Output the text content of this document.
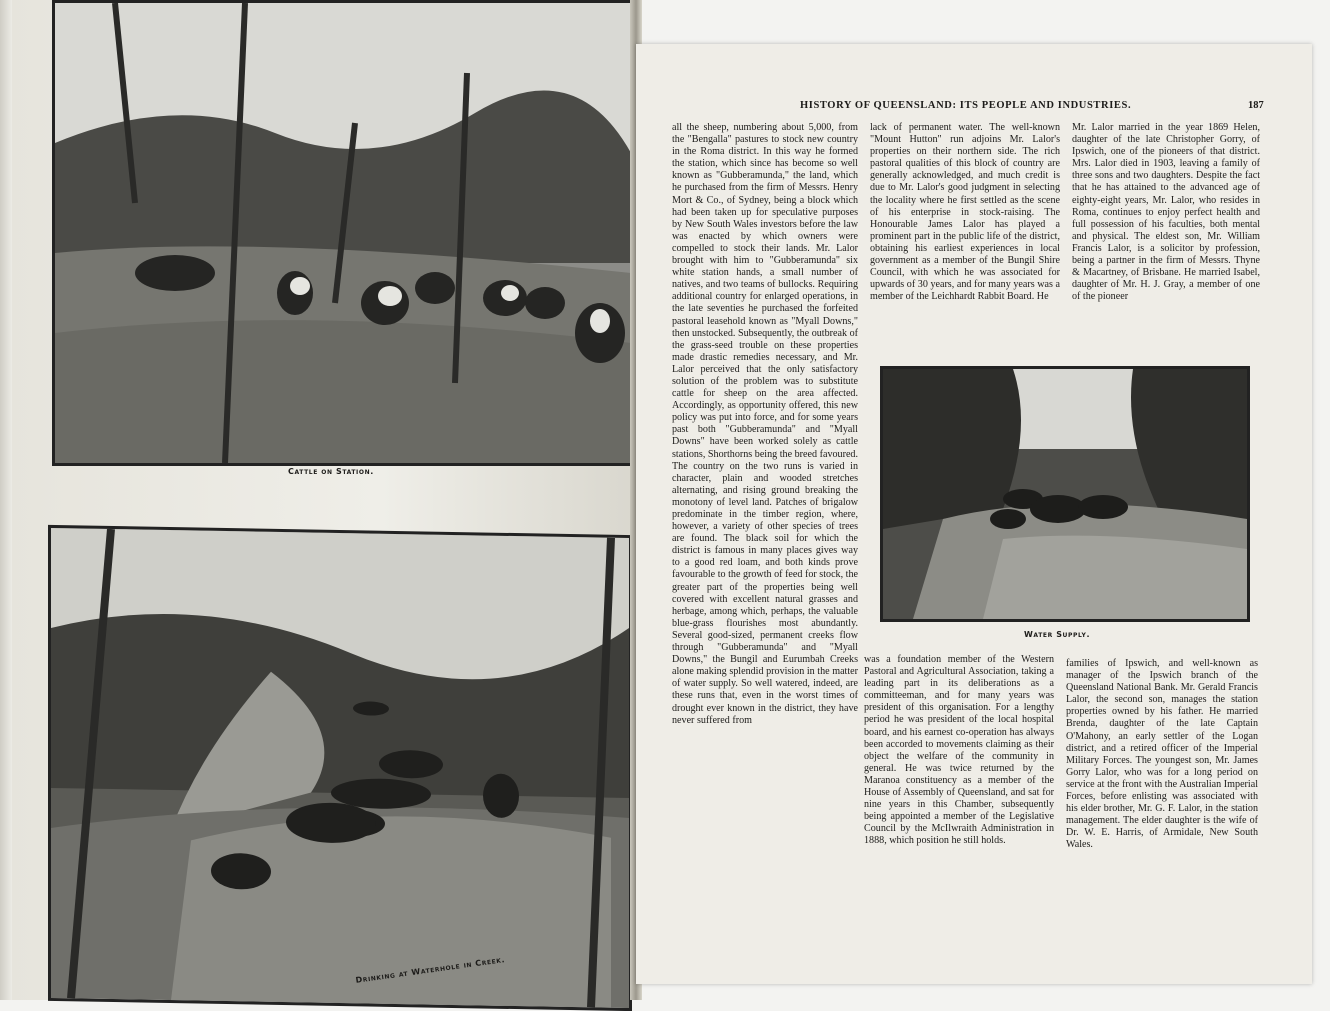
Cattle on Station.
Drinking at Waterhole in Creek.
HISTORY OF QUEENSLAND: ITS PEOPLE AND INDUSTRIES.	187

all the sheep, numbering about 5,000, from the "Bengalla" pastures to stock new country in the Roma district. In this way he formed the station, which since has become so well known as "Gubberamunda," the land, which he purchased from the firm of Messrs. Henry Mort & Co., of Sydney, being a block which had been taken up for speculative purposes by New South Wales investors before the law was enacted by which owners were compelled to stock their lands. Mr. Lalor brought with him to "Gubberamunda" six white station hands, a small number of natives, and two teams of bullocks. Requiring additional country for enlarged operations, in the late seventies he purchased the forfeited pastoral leasehold known as "Myall Downs," then unstocked. Subsequently, the outbreak of the grass-seed trouble on these properties made drastic remedies necessary, and Mr. Lalor perceived that the only satisfactory solution of the problem was to substitute cattle for sheep on the area affected. Accordingly, as opportunity offered, this new policy was put into force, and for some years past both "Gubberamunda" and "Myall Downs" have been worked solely as cattle stations, Shorthorns being the breed favoured. The country on the two runs is varied in character, plain and wooded stretches alternating, and rising ground breaking the monotony of level land. Patches of brigalow predominate in the timber region, where, however, a variety of other species of trees are found. The black soil for which the district is famous in many places gives way to a good red loam, and both kinds prove favourable to the growth of feed for stock, the greater part of the properties being well covered with excellent natural grasses and herbage, among which, perhaps, the valuable blue-grass flourishes most abundantly. Several good-sized, permanent creeks flow through "Gubberamunda" and "Myall Downs," the Bungil and Eurumbah Creeks alone making splendid provision in the matter of water supply. So well watered, indeed, are these runs that, even in the worst times of drought ever known in the district, they have never suffered from

lack of permanent water. The well-known "Mount Hutton" run adjoins Mr. Lalor's properties on their northern side. The rich pastoral qualities of this block of country are generally acknowledged, and much credit is due to Mr. Lalor's good judgment in selecting the locality where he first settled as the scene of his enterprise in stock-raising. The Honourable James Lalor has played a prominent part in the public life of the district, obtaining his earliest experiences in local government as a member of the Bungil Shire Council, with which he was associated for upwards of 30 years, and for many years was a member of the Leichhardt Rabbit Board. He

Mr. Lalor married in the year 1869 Helen, daughter of the late Christopher Gorry, of Ipswich, one of the pioneers of that district. Mrs. Lalor died in 1903, leaving a family of three sons and two daughters. Despite the fact that he has attained to the advanced age of eighty-eight years, Mr. Lalor, who resides in Roma, continues to enjoy perfect health and full possession of his faculties, both mental and physical. The eldest son, Mr. William Francis Lalor, is a solicitor by profession, being a partner in the firm of Messrs. Thyne & Macartney, of Brisbane. He married Isabel, daughter of Mr. H. J. Gray, a member of one of the pioneer

Water Supply.

was a foundation member of the Western Pastoral and Agricultural Association, taking a leading part in its deliberations as a committeeman, and for many years was president of this organisation. For a lengthy period he was president of the local hospital board, and his earnest co-operation has always been accorded to movements claiming as their object the welfare of the community in general. He was twice returned by the Maranoa constituency as a member of the House of Assembly of Queensland, and sat for nine years in this Chamber, subsequently being appointed a member of the Legislative Council by the McIlwraith Administration in 1888, which position he still holds.

families of Ipswich, and well-known as manager of the Ipswich branch of the Queensland National Bank. Mr. Gerald Francis Lalor, the second son, manages the station properties owned by his father. He married Brenda, daughter of the late Captain O'Mahony, an early settler of the Logan district, and a retired officer of the Imperial Military Forces. The youngest son, Mr. James Gorry Lalor, who was for a long period on service at the front with the Australian Imperial Forces, before enlisting was associated with his elder brother, Mr. G. F. Lalor, in the station management. The elder daughter is the wife of Dr. W. E. Harris, of Armidale, New South Wales.
